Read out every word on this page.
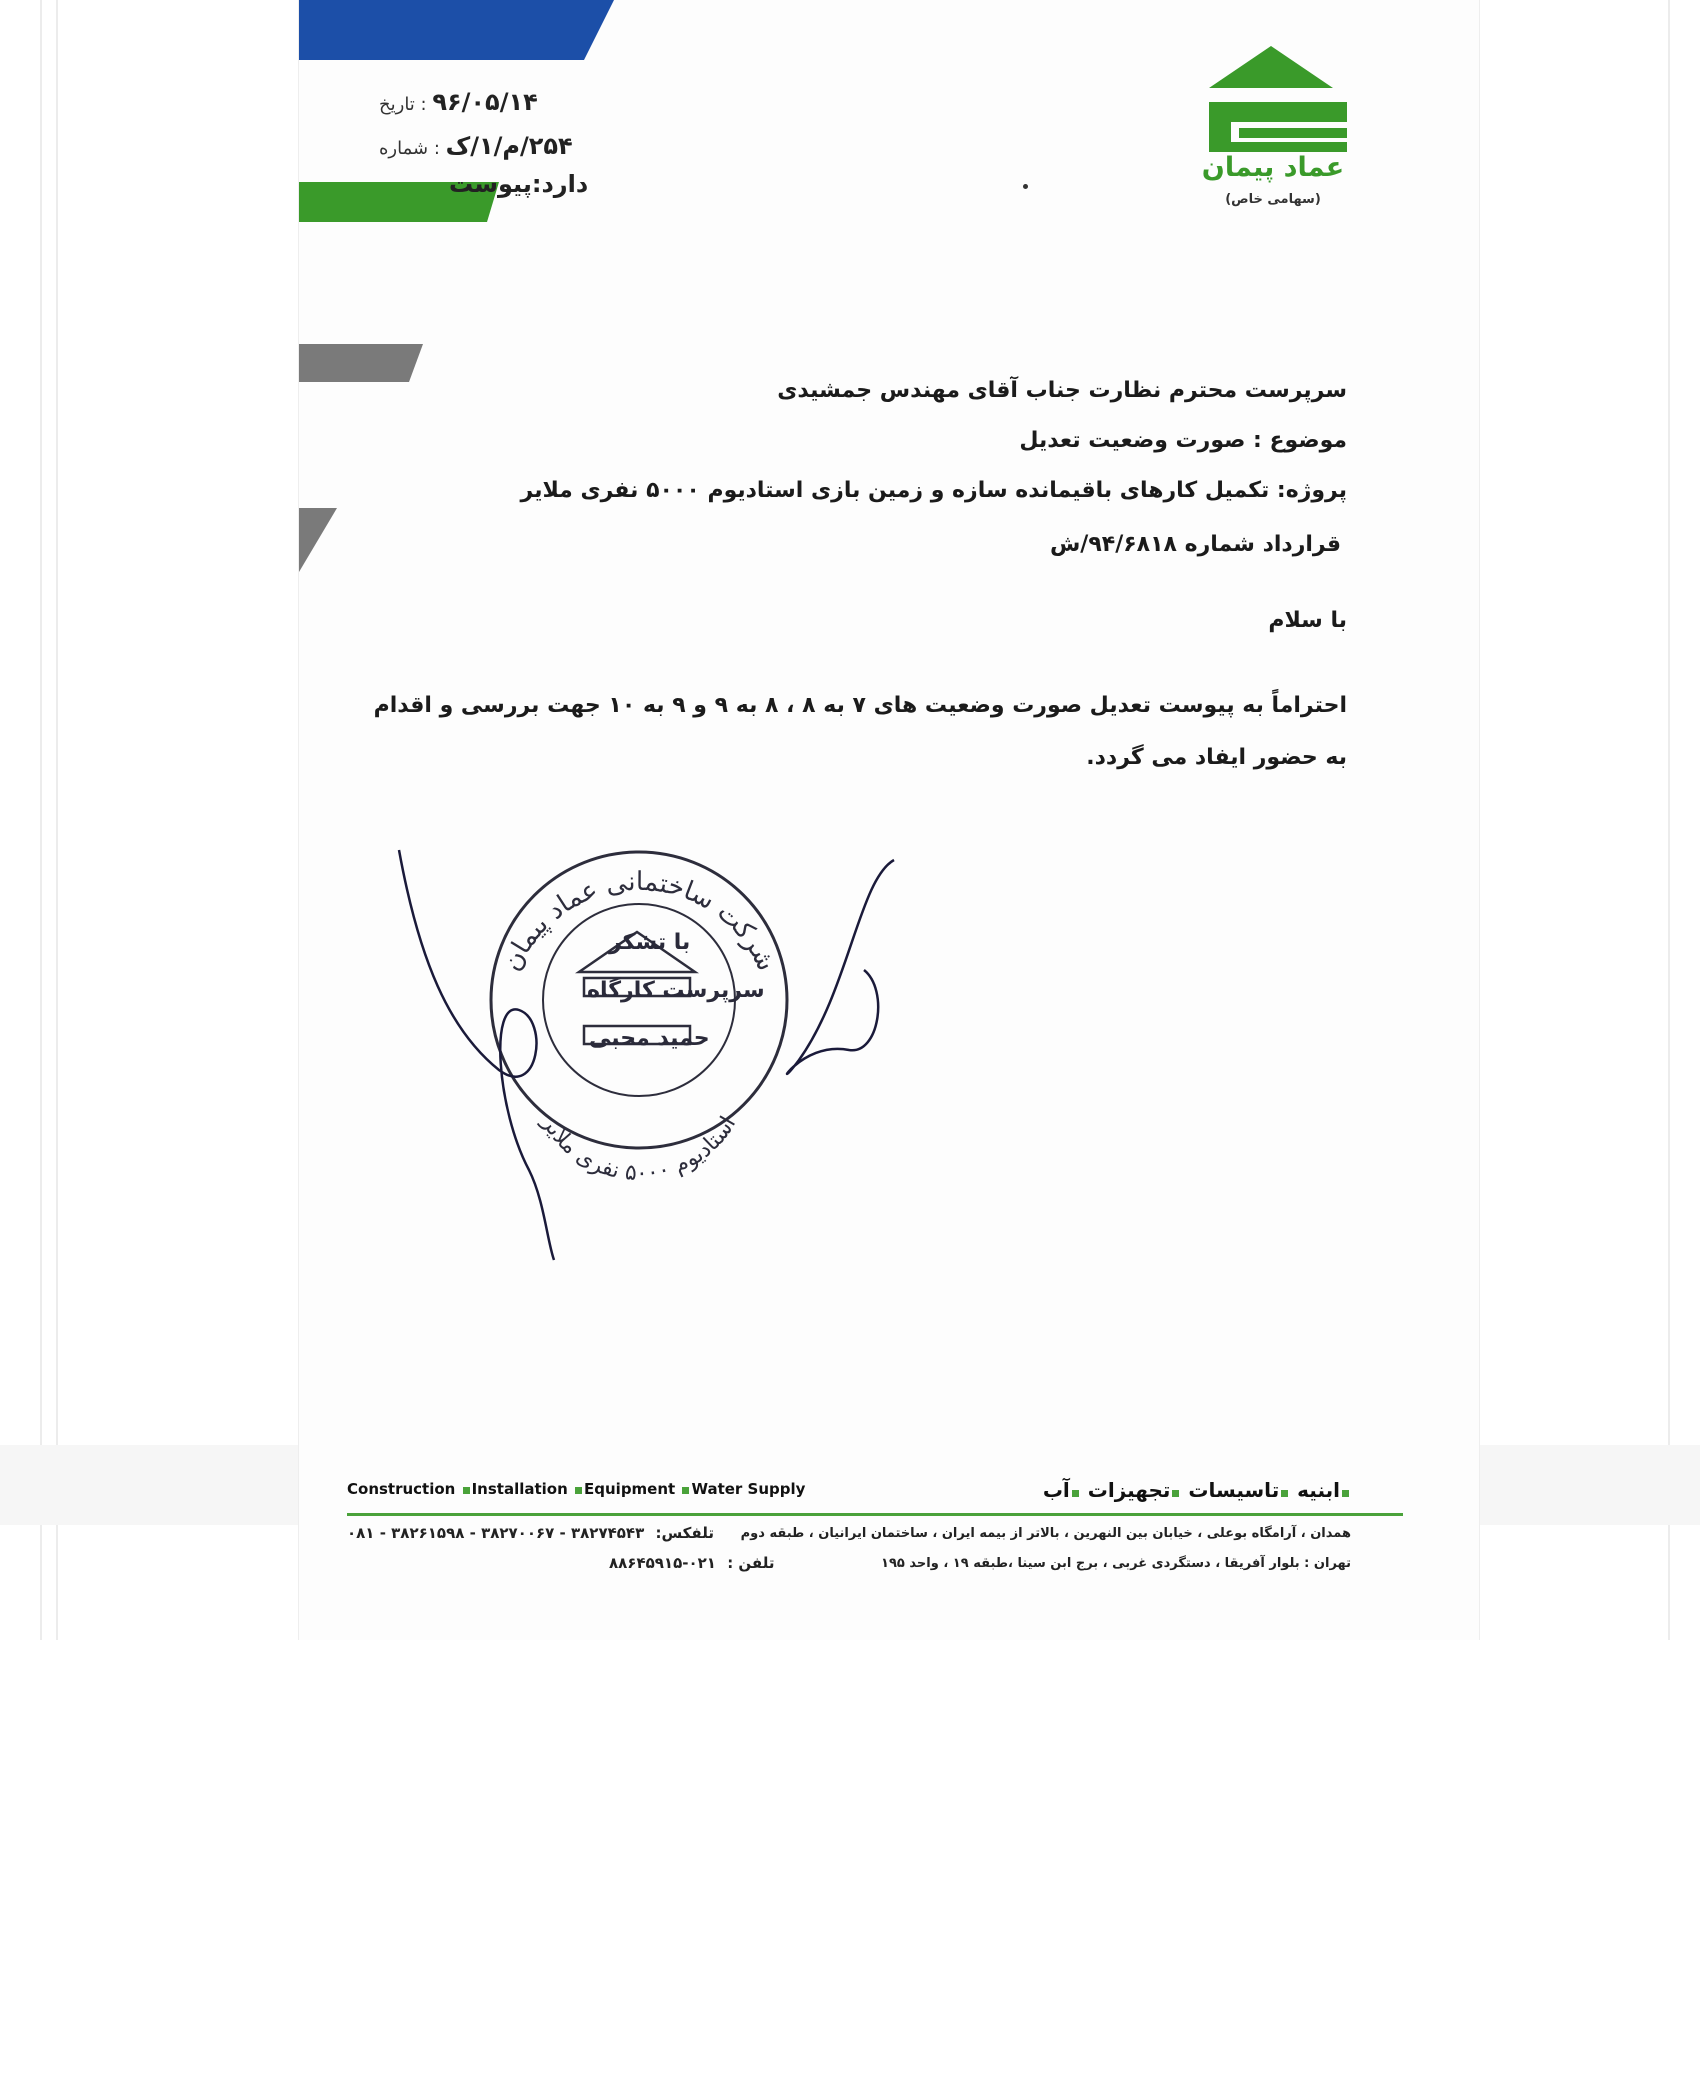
۹۶/۰۵/۱۴ : تاریخ
۲۵۴/م/۱/ک : شماره
دارد:پیوست
عماد پیمان
(سهامی خاص)
سرپرست محترم نظارت جناب آقای مهندس جمشیدی
موضوع : صورت وضعیت تعدیل
پروژه: تکمیل کارهای باقیمانده سازه و زمین بازی استادیوم ۵۰۰۰ نفری ملایر
قرارداد شماره ۹۴/۶۸۱۸/ش
با سلام
احتراماً به پیوست تعدیل صورت وضعیت های ۷ به ۸ ، ۸ به ۹ و ۹ به ۱۰ جهت بررسی و اقدام به حضور ایفاد می گردد.
شرکت ساختمانی عماد پیمان
استادیوم ۵۰۰۰ نفری ملایر
با تشکر
سرپرست کارگاه
حمید محبی
ابنیه تاسیسات تجهیزات آب
Construction Installation Equipment Water Supply
همدان ، آرامگاه بوعلی ، خیابان بین النهرین ، بالاتر از بیمه ایران ، ساختمان ایرانیان ، طبقه دوم
تهران : بلوار آفریقا ، دستگردی غربی ، برج ابن سینا ،طبقه ۱۹ ، واحد ۱۹۵
تلفکس: ۳۸۲۷۴۵۴۳ - ۳۸۲۷۰۰۶۷ - ۳۸۲۶۱۵۹۸ - ۰۸۱
تلفن : ۰۲۱-۸۸۶۴۵۹۱۵
